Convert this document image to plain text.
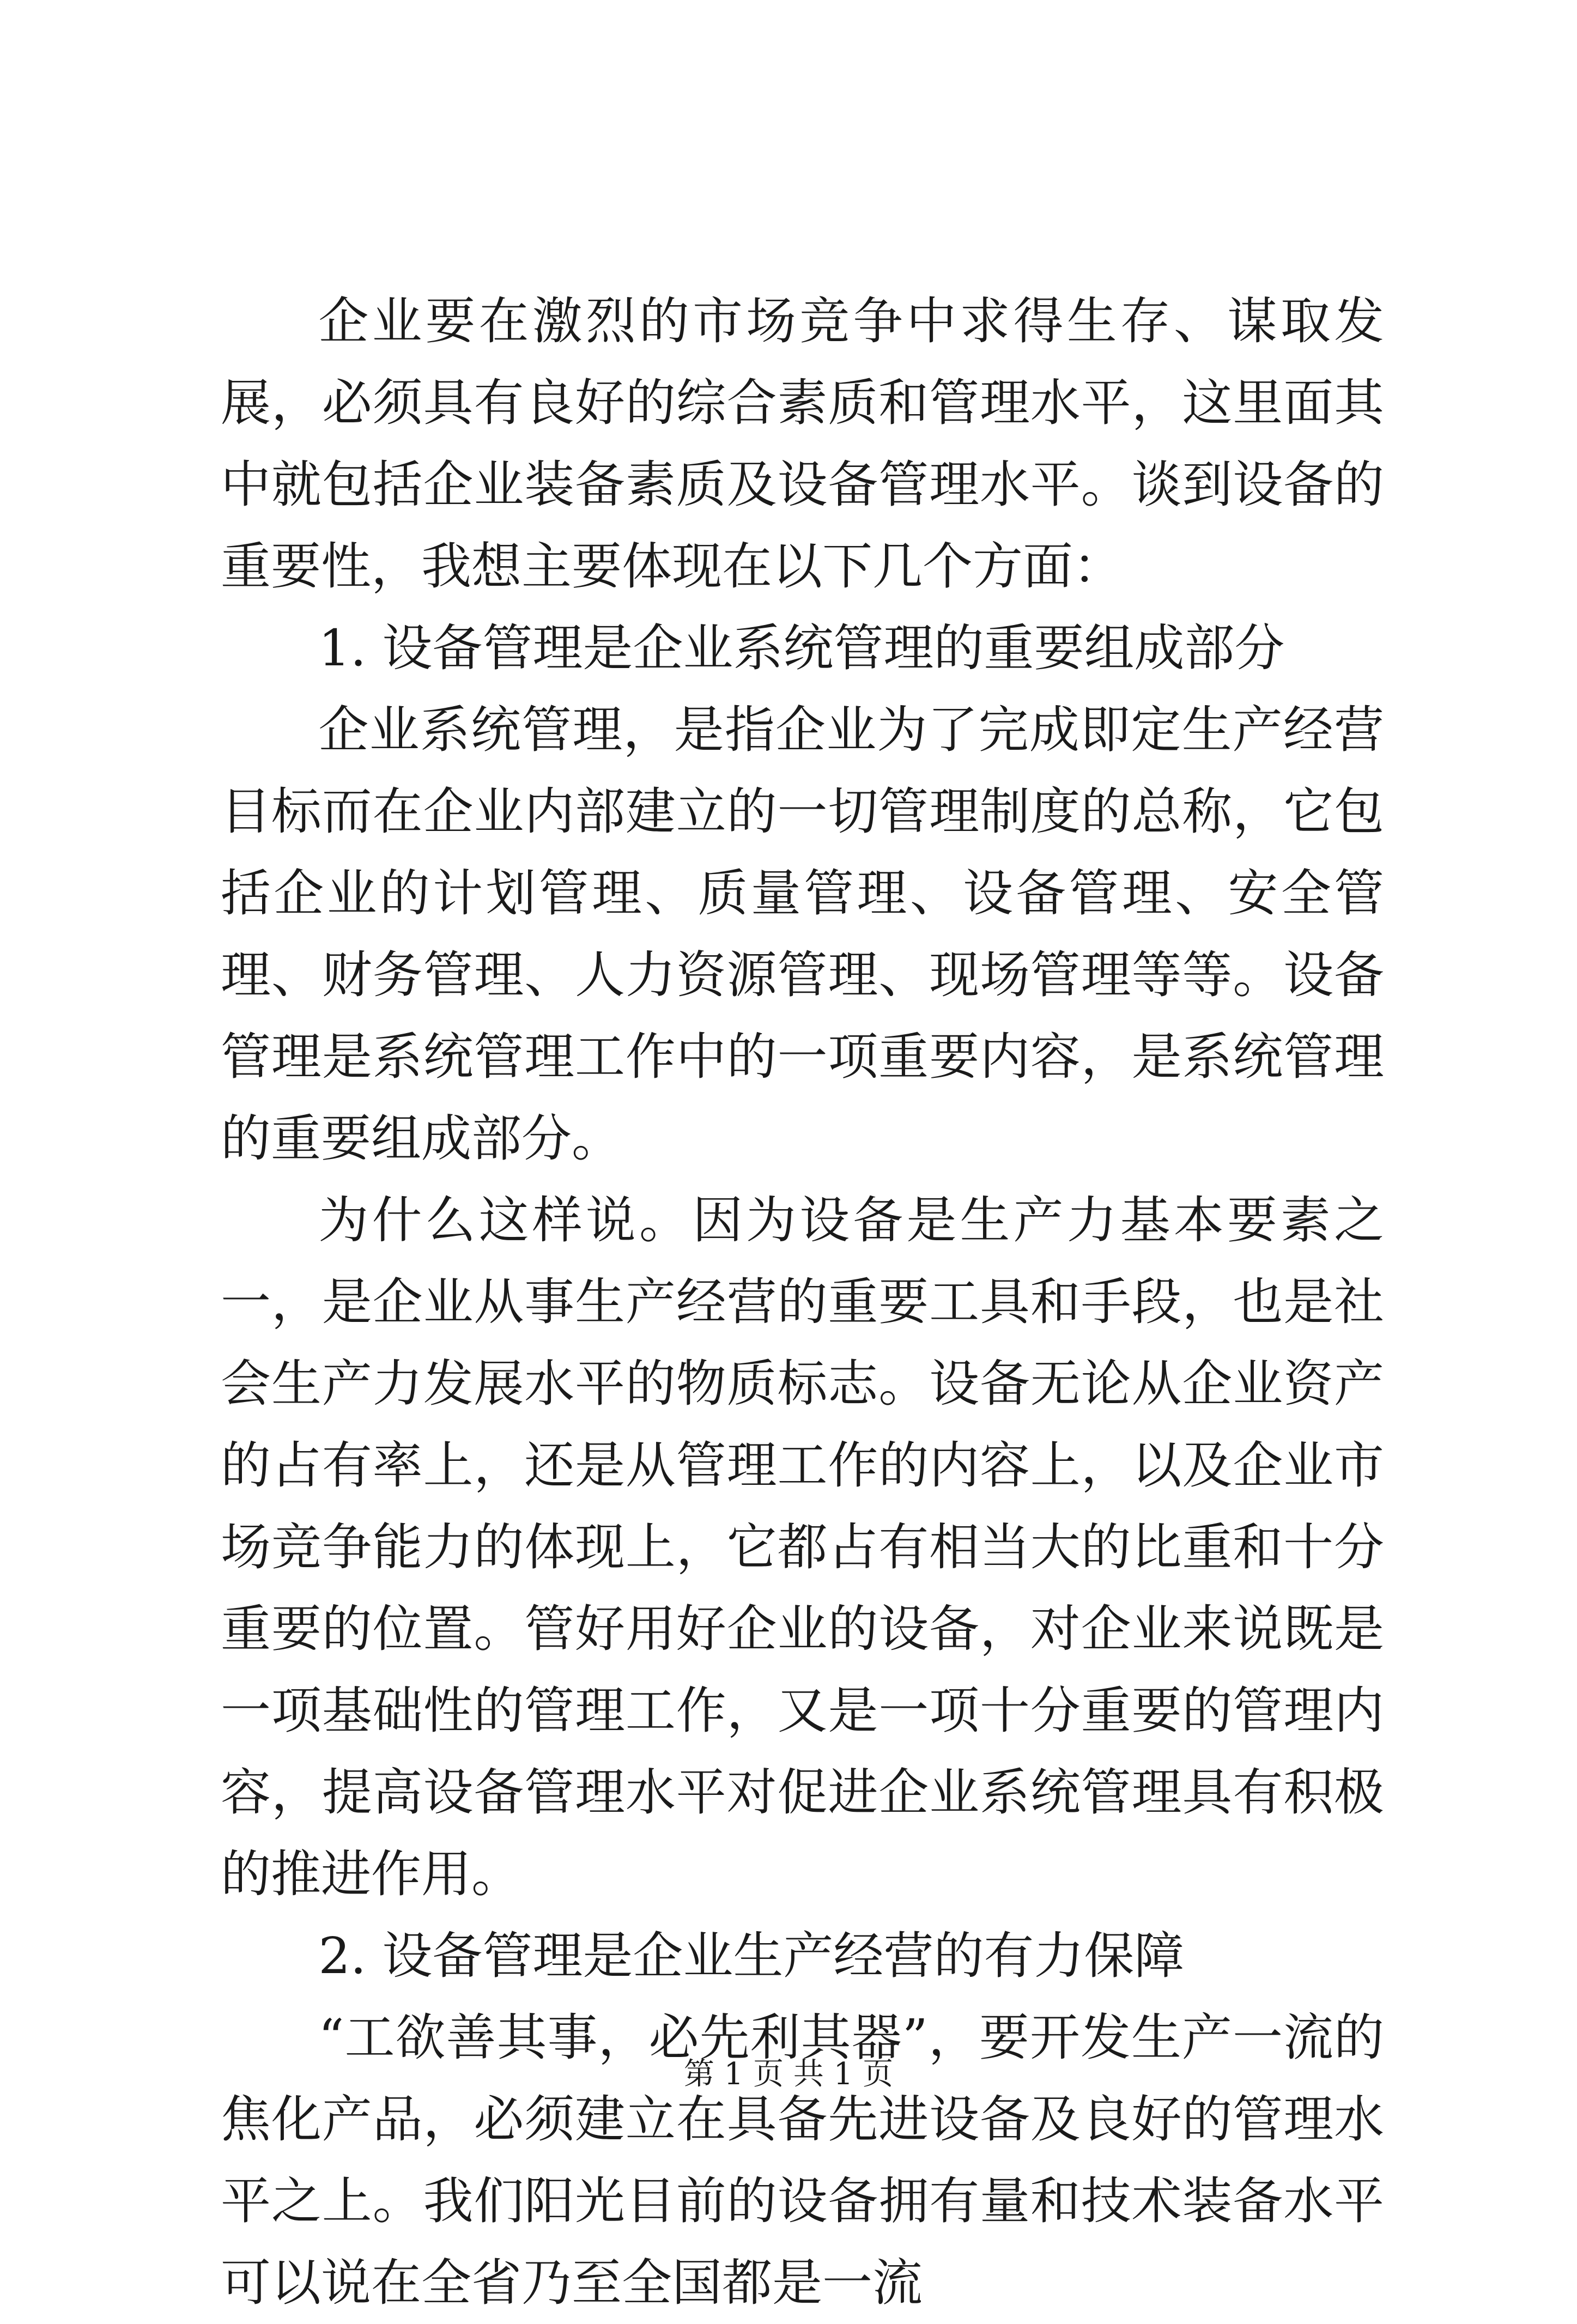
企业要在激烈的市场竞争中求得生存、谋取发展，必须具有良好的综合素质和管理水平，这里面其中就包括企业装备素质及设备管理水平。谈到设备的重要性，我想主要体现在以下几个方面：

1. 设备管理是企业系统管理的重要组成部分

企业系统管理，是指企业为了完成即定生产经营目标而在企业内部建立的一切管理制度的总称，它包括企业的计划管理、质量管理、设备管理、安全管理、财务管理、人力资源管理、现场管理等等。设备管理是系统管理工作中的一项重要内容，是系统管理的重要组成部分。

为什么这样说。因为设备是生产力基本要素之一，是企业从事生产经营的重要工具和手段，也是社会生产力发展水平的物质标志。设备无论从企业资产的占有率上，还是从管理工作的内容上，以及企业市场竞争能力的体现上，它都占有相当大的比重和十分重要的位置。管好用好企业的设备，对企业来说既是一项基础性的管理工作，又是一项十分重要的管理内容，提高设备管理水平对促进企业系统管理具有积极的推进作用。

2. 设备管理是企业生产经营的有力保障

“工欲善其事，必先利其器”，要开发生产一流的焦化产品，必须建立在具备先进设备及良好的管理水平之上。我们阳光目前的设备拥有量和技术装备水平可以说在全省乃至全国都是一流

第 1 页 共 1 页
